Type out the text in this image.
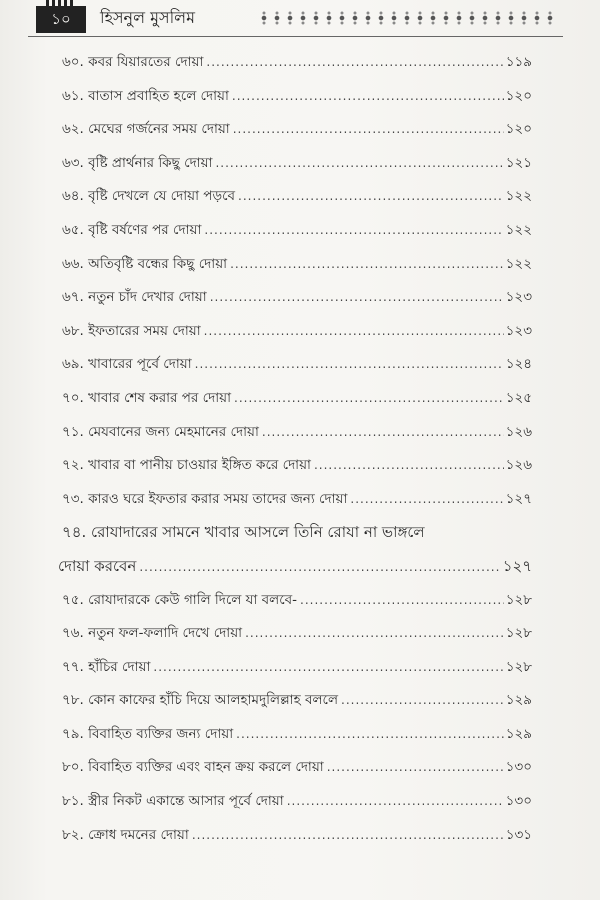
১০	হিসনুল মুসলিম
৬০. কবর যিয়ারতের দোয়া .....	১১৯
৬১. বাতাস প্রবাহিত হলে দোয়া .....	১২০
৬২. মেঘের গর্জনের সময় দোয়া .....	১২০
৬৩. বৃষ্টি প্রার্থনার কিছু দোয়া .....	১২১
৬৪. বৃষ্টি দেখলে যে দোয়া পড়বে .....	১২২
৬৫. বৃষ্টি বর্ষণের পর দোয়া .....	১২২
৬৬. অতিবৃষ্টি বন্ধের কিছু দোয়া .....	১২২
৬৭. নতুন চাঁদ দেখার দোয়া .....	১২৩
৬৮. ইফতারের সময় দোয়া .....	১২৩
৬৯. খাবারের পূর্বে দোয়া .....	১২৪
৭০. খাবার শেষ করার পর দোয়া .....	১২৫
৭১. মেযবানের জন্য মেহমানের দোয়া .....	১২৬
৭২. খাবার বা পানীয় চাওয়ার ইঙ্গিত করে দোয়া .....	১২৬
৭৩. কারও ঘরে ইফতার করার সময় তাদের জন্য দোয়া .....	১২৭
৭৪. রোযাদারের সামনে খাবার আসলে তিনি রোযা না ভাঙ্গলে
দোয়া করবেন .....	১২৭
৭৫. রোযাদারকে কেউ গালি দিলে যা বলবে- .....	১২৮
৭৬. নতুন ফল-ফলাদি দেখে দোয়া .....	১২৮
৭৭. হাঁচির দোয়া .....	১২৮
৭৮. কোন কাফের হাঁচি দিয়ে আলহামদুলিল্লাহ বললে .....	১২৯
৭৯. বিবাহিত ব্যক্তির জন্য দোয়া .....	১২৯
৮০. বিবাহিত ব্যক্তির এবং বাহন ক্রয় করলে দোয়া .....	১৩০
৮১. স্ত্রীর নিকট একান্তে আসার পূর্বে দোয়া .....	১৩০
৮২. ক্রোধ দমনের দোয়া .....	১৩১
